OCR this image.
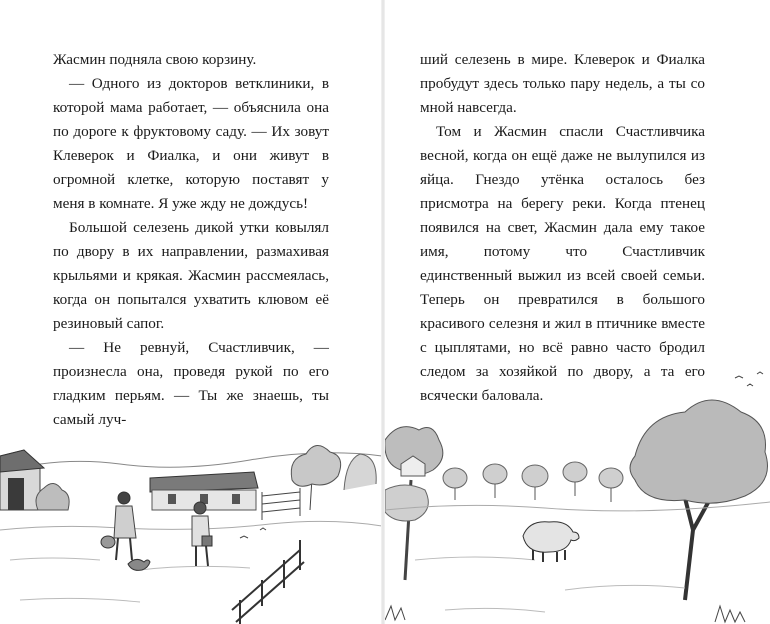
Жасмин подняла свою корзину.

— Одного из докторов ветклиники, в которой мама работает, — объяснила она по дороге к фруктовому саду. — Их зовут Клеверок и Фиалка, и они живут в огромной клетке, которую поставят у меня в комнате. Я уже жду не дождусь!

Большой селезень дикой утки ковылял по двору в их направлении, размахивая крыльями и крякая. Жасмин рассмеялась, когда он попытался ухватить клювом её резиновый сапог.

— Не ревнуй, Счастливчик, — произнесла она, проведя рукой по его гладким перьям. — Ты же знаешь, ты самый луч-

ший селезень в мире. Клеверок и Фиалка пробудут здесь только пару недель, а ты со мной навсегда.

Том и Жасмин спасли Счастливчика весной, когда он ещё даже не вылупился из яйца. Гнездо утёнка осталось без присмотра на берегу реки. Когда птенец появился на свет, Жасмин дала ему такое имя, потому что Счастливчик единственный выжил из всей своей семьи. Теперь он превратился в большого красивого селезня и жил в птичнике вместе с цыплятами, но всё равно часто бродил следом за хозяйкой по двору, а та его всячески баловала.
